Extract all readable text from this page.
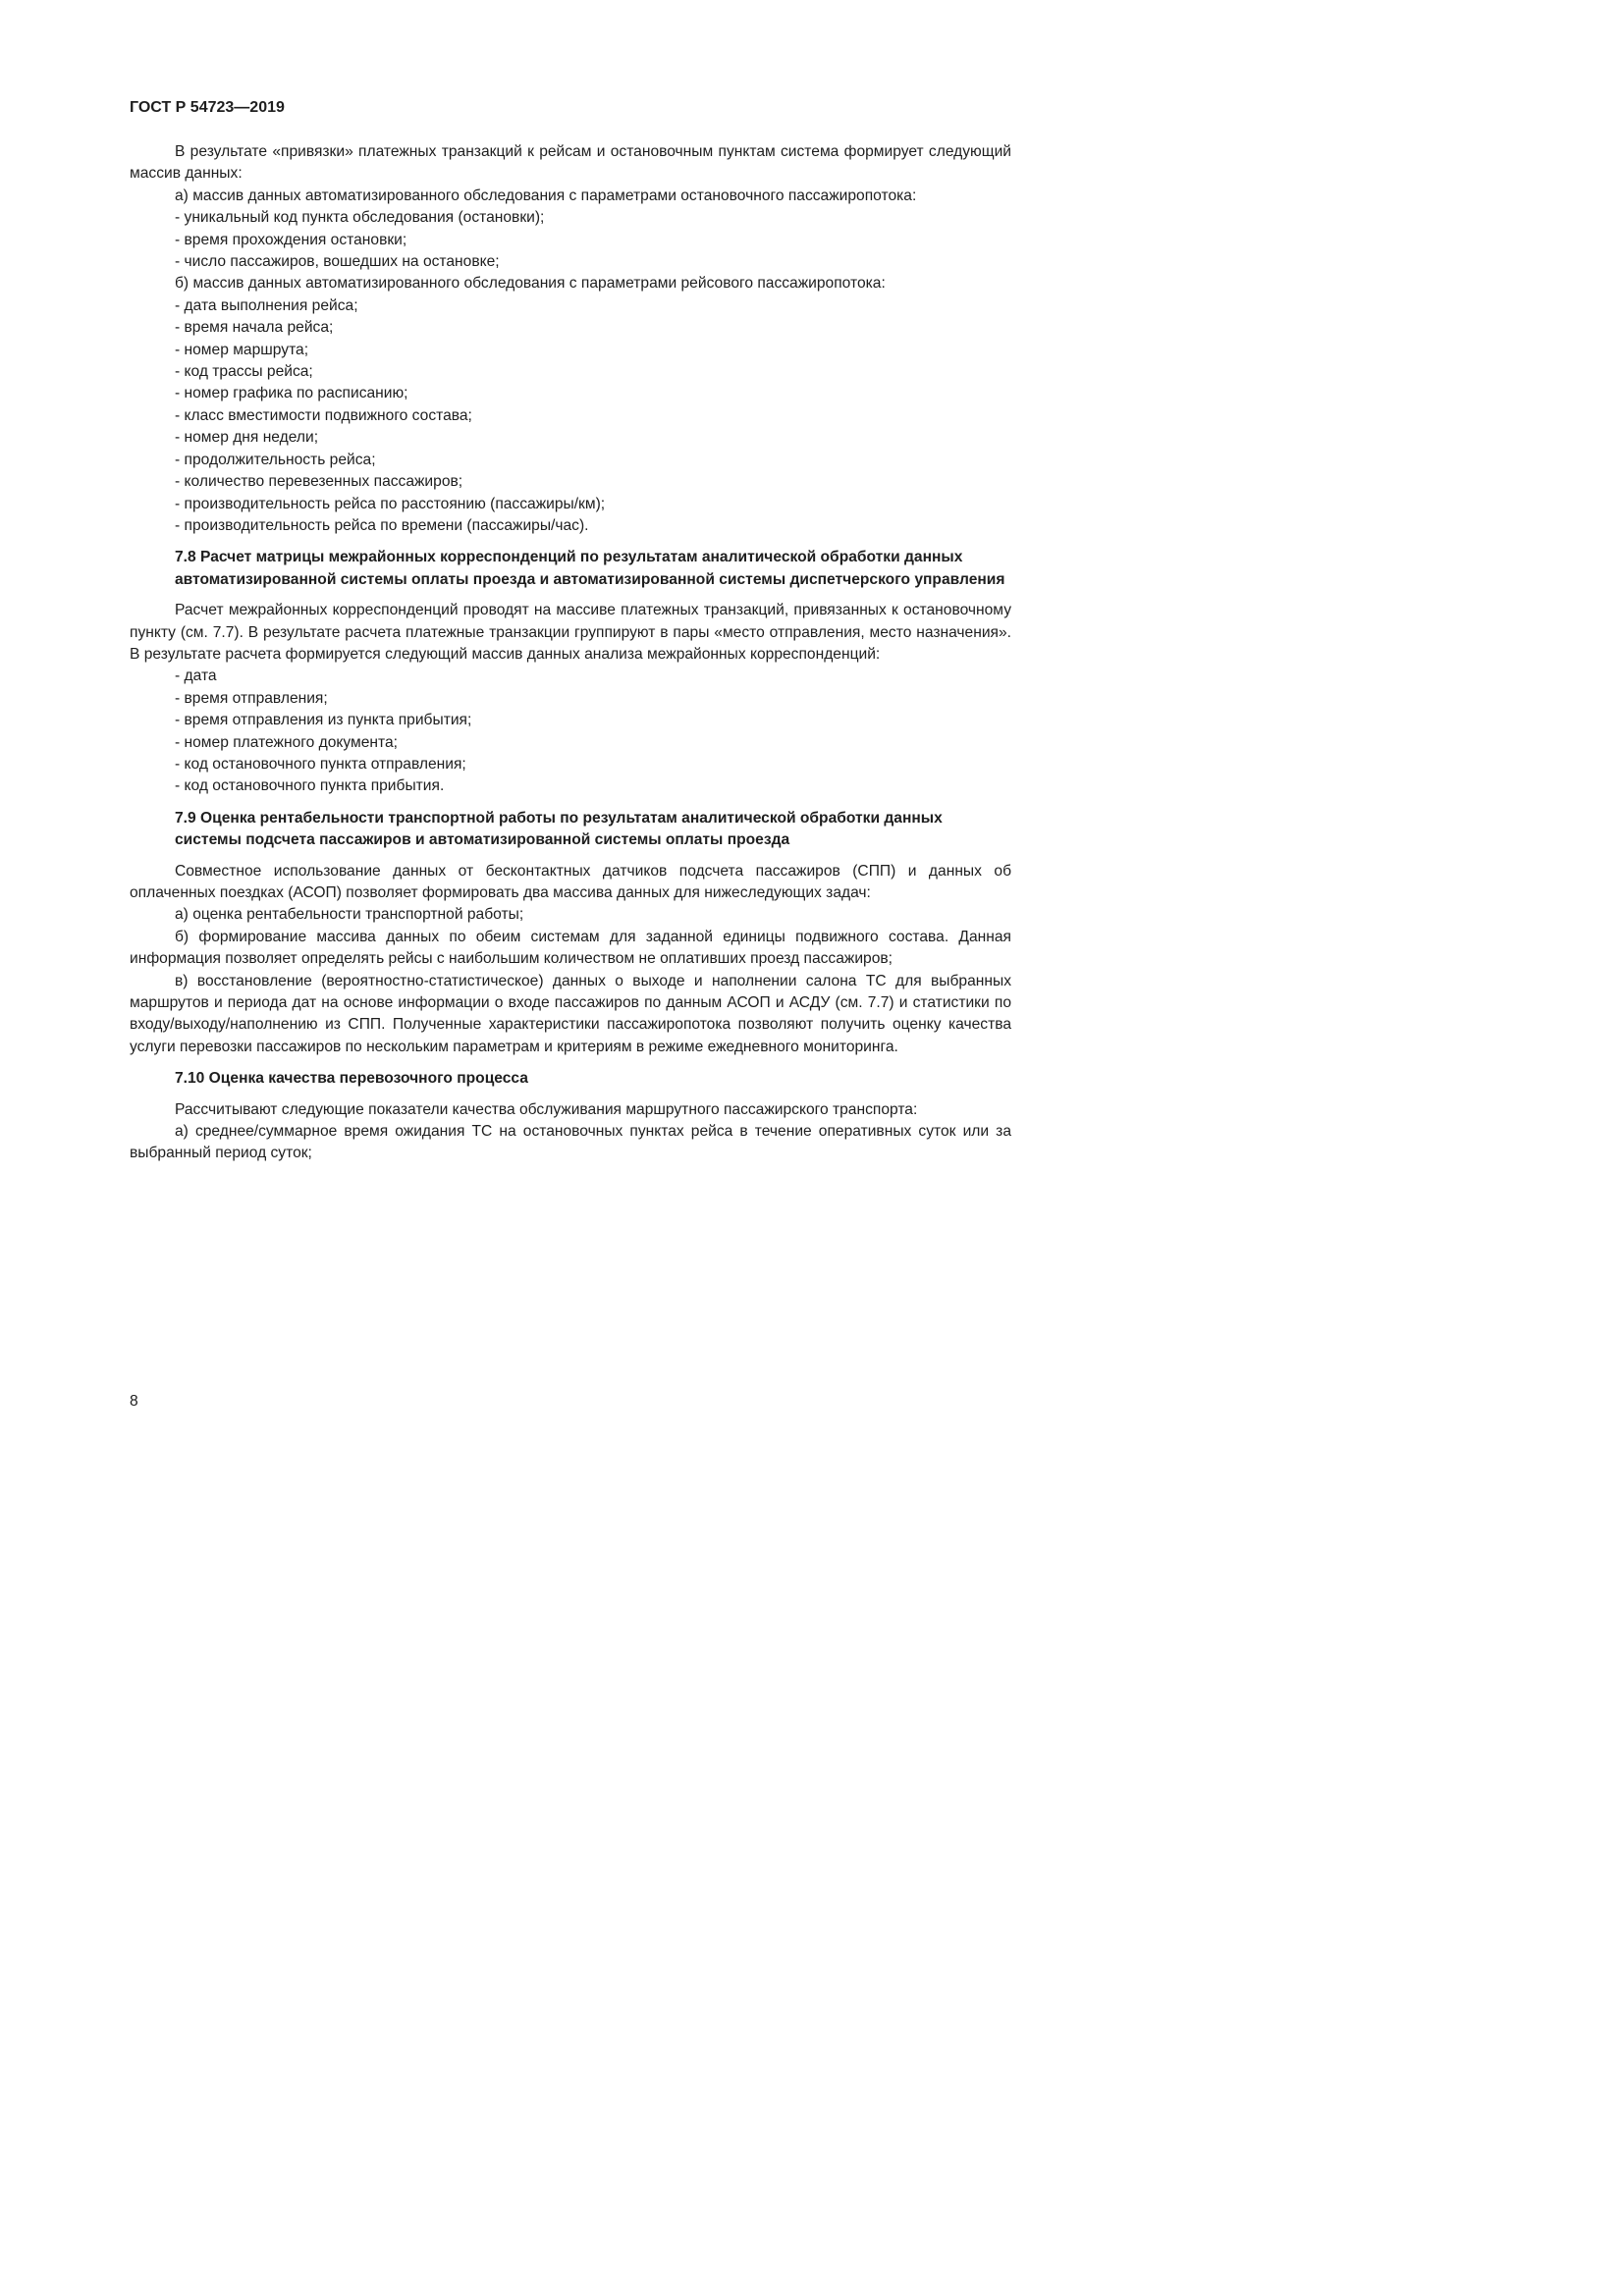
ГОСТ Р 54723—2019

В результате «привязки» платежных транзакций к рейсам и остановочным пунктам система формирует следующий массив данных:

а) массив данных автоматизированного обследования с параметрами остановочного пассажиропотока:

- уникальный код пункта обследования (остановки);

- время прохождения остановки;

- число пассажиров, вошедших на остановке;

б) массив данных автоматизированного обследования с параметрами рейсового пассажиропотока:

- дата выполнения рейса;

- время начала рейса;

- номер маршрута;

- код трассы рейса;

- номер графика по расписанию;

- класс вместимости подвижного состава;

- номер дня недели;

- продолжительность рейса;

- количество перевезенных пассажиров;

- производительность рейса по расстоянию (пассажиры/км);

- производительность рейса по времени (пассажиры/час).

7.8 Расчет матрицы межрайонных корреспонденций по результатам аналитической обработки данных автоматизированной системы оплаты проезда и автоматизированной системы диспетчерского управления

Расчет межрайонных корреспонденций проводят на массиве платежных транзакций, привязанных к остановочному пункту (см. 7.7). В результате расчета платежные транзакции группируют в пары «место отправления, место назначения». В результате расчета формируется следующий массив данных анализа межрайонных корреспонденций:

- дата

- время отправления;

- время отправления из пункта прибытия;

- номер платежного документа;

- код остановочного пункта отправления;

- код остановочного пункта прибытия.

7.9 Оценка рентабельности транспортной работы по результатам аналитической обработки данных системы подсчета пассажиров и автоматизированной системы оплаты проезда

Совместное использование данных от бесконтактных датчиков подсчета пассажиров (СПП) и данных об оплаченных поездках (АСОП) позволяет формировать два массива данных для нижеследующих задач:

а) оценка рентабельности транспортной работы;

б) формирование массива данных по обеим системам для заданной единицы подвижного состава. Данная информация позволяет определять рейсы с наибольшим количеством не оплативших проезд пассажиров;

в) восстановление (вероятностно-статистическое) данных о выходе и наполнении салона ТС для выбранных маршрутов и периода дат на основе информации о входе пассажиров по данным АСОП и АСДУ (см. 7.7) и статистики по входу/выходу/наполнению из СПП. Полученные характеристики пассажиропотока позволяют получить оценку качества услуги перевозки пассажиров по нескольким параметрам и критериям в режиме ежедневного мониторинга.

7.10 Оценка качества перевозочного процесса

Рассчитывают следующие показатели качества обслуживания маршрутного пассажирского транспорта:

а) среднее/суммарное время ожидания ТС на остановочных пунктах рейса в течение оперативных суток или за выбранный период суток;

8
